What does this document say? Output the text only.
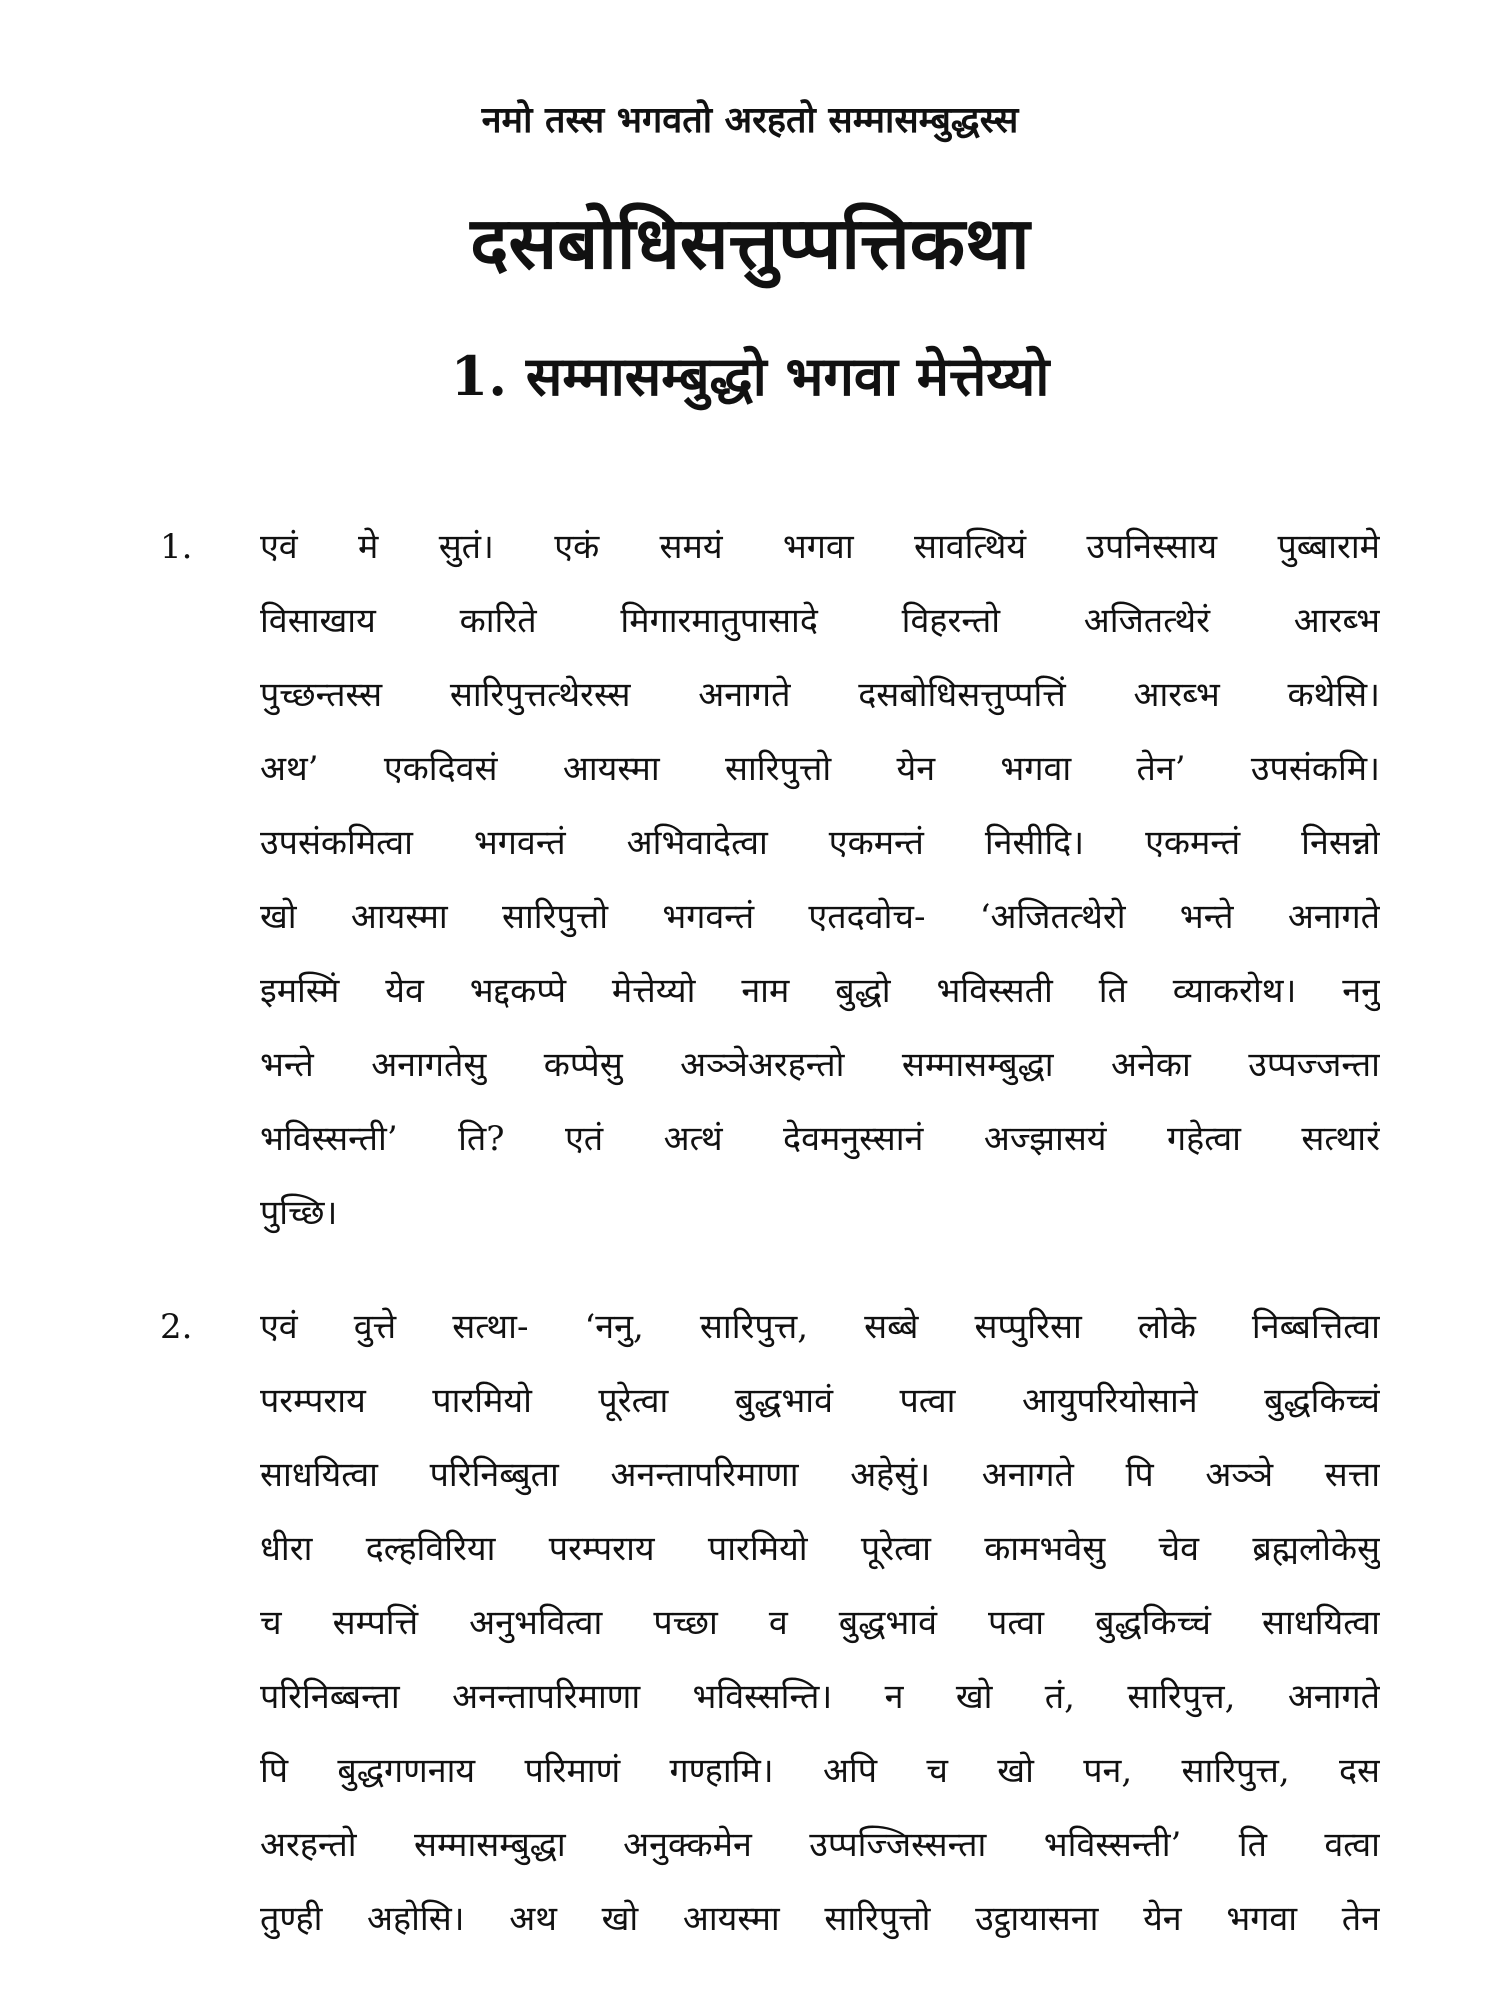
नमो तस्स भगवतो अरहतो सम्मासम्बुद्धस्स
दसबोधिसत्तुप्पत्तिकथा
1. सम्मासम्बुद्धो भगवा मेत्तेय्यो
1.	एवं मे सुतं। एकं समयं भगवा सावत्थियं उपनिस्साय पुब्बारामे
विसाखाय कारिते मिगारमातुपासादे विहरन्तो अजितत्थेरं आरब्भ
पुच्छन्तस्स सारिपुत्तत्थेरस्स अनागते दसबोधिसत्तुप्पत्तिं आरब्भ कथेसि।
अथ’ एकदिवसं आयस्मा सारिपुत्तो येन भगवा तेन’ उपसंकमि।
उपसंकमित्वा भगवन्तं अभिवादेत्वा एकमन्तं निसीदि। एकमन्तं निसन्नो
खो आयस्मा सारिपुत्तो भगवन्तं एतदवोच- ‘अजितत्थेरो भन्ते अनागते
इमस्मिं येव भद्दकप्पे मेत्तेय्यो नाम बुद्धो भविस्सती ति व्याकरोथ। ननु
भन्ते अनागतेसु कप्पेसु अञ्ञेअरहन्तो सम्मासम्बुद्धा अनेका उप्पज्जन्ता
भविस्सन्ती’ ति? एतं अत्थं देवमनुस्सानं अज्झासयं गहेत्वा सत्थारं
पुच्छि।
2.	एवं वुत्ते सत्था- ‘ननु, सारिपुत्त, सब्बे सप्पुरिसा लोके निब्बत्तित्वा
परम्पराय पारमियो पूरेत्वा बुद्धभावं पत्वा आयुपरियोसाने बुद्धकिच्चं
साधयित्वा परिनिब्बुता अनन्तापरिमाणा अहेसुं। अनागते पि अञ्ञे सत्ता
धीरा दल्हविरिया परम्पराय पारमियो पूरेत्वा कामभवेसु चेव ब्रह्मलोकेसु
च सम्पत्तिं अनुभवित्वा पच्छा व बुद्धभावं पत्वा बुद्धकिच्चं साधयित्वा
परिनिब्बन्ता अनन्तापरिमाणा भविस्सन्ति। न खो तं, सारिपुत्त, अनागते
पि बुद्धगणनाय परिमाणं गण्हामि। अपि च खो पन, सारिपुत्त, दस
अरहन्तो सम्मासम्बुद्धा अनुक्कमेन उप्पज्जिस्सन्ता भविस्सन्ती’ ति वत्वा
तुण्ही अहोसि। अथ खो आयस्मा सारिपुत्तो उट्ठायासना येन भगवा तेन
